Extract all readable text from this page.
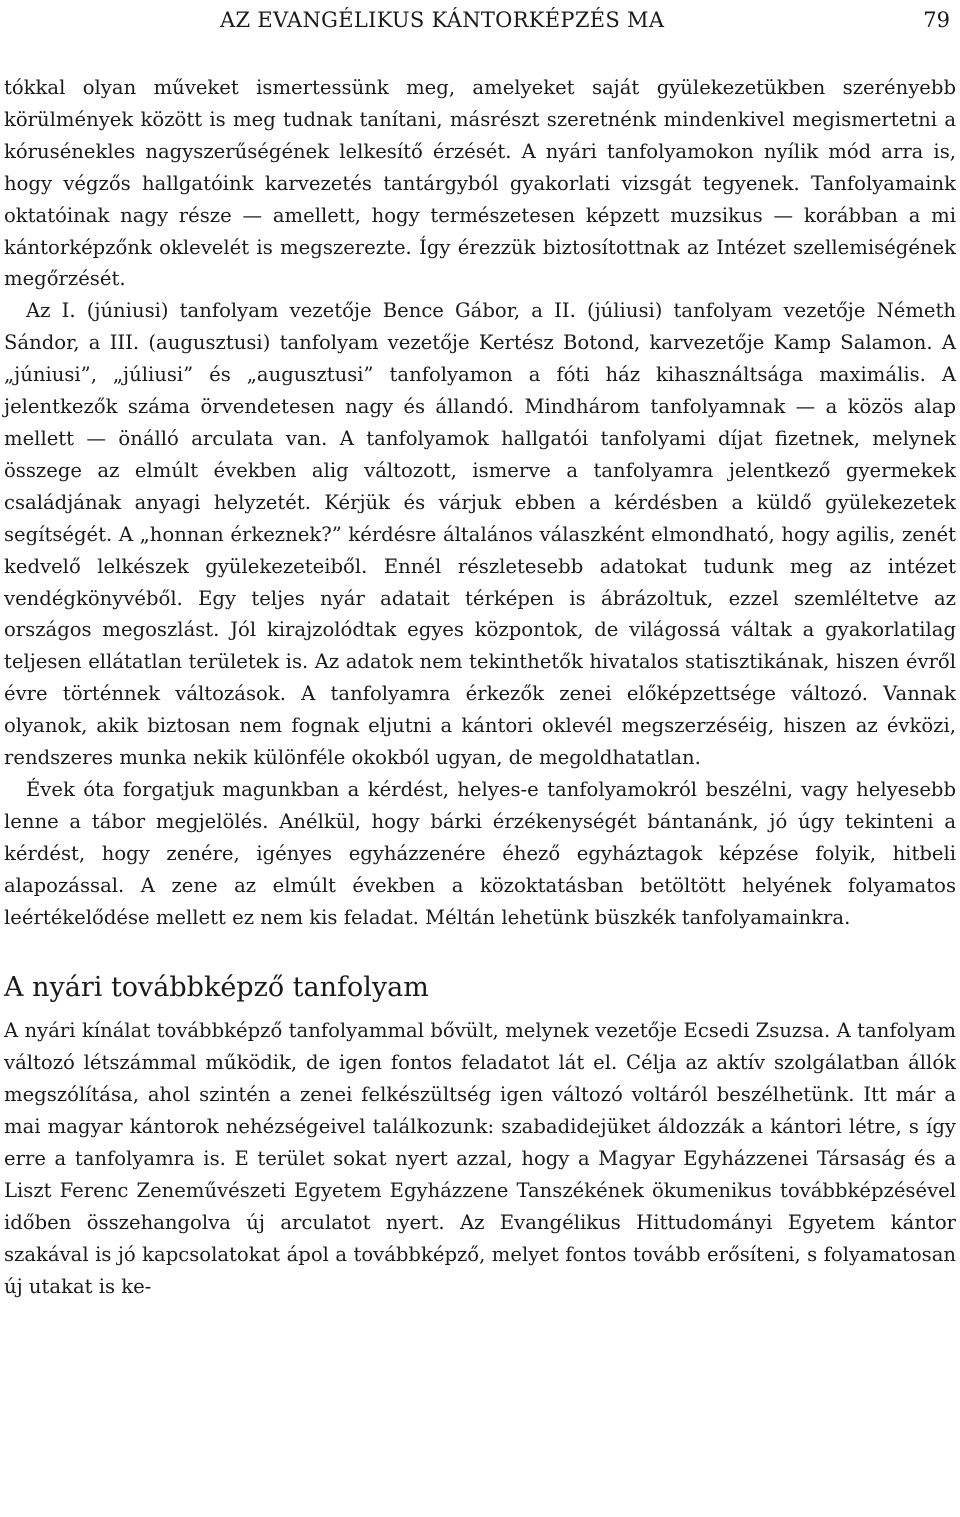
AZ EVANGÉLIKUS KÁNTORKÉPZÉS MA	79

tókkal olyan műveket ismertessünk meg, amelyeket saját gyülekezetükben szerényebb körülmények között is meg tudnak tanítani, másrészt szeretnénk mindenkivel megismertetni a kórusénekles nagyszerűségének lelkesítő érzését. A nyári tanfolyamokon nyílik mód arra is, hogy végzős hallgatóink karvezetés tantárgyból gyakorlati vizsgát tegyenek. Tanfolyamaink oktatóinak nagy része — amellett, hogy természetesen képzett muzsikus — korábban a mi kántorképzőnk oklevelét is megszerezte. Így érezzük biztosítottnak az Intézet szellemiségének megőrzését.

Az I. (júniusi) tanfolyam vezetője Bence Gábor, a II. (júliusi) tanfolyam vezetője Németh Sándor, a III. (augusztusi) tanfolyam vezetője Kertész Botond, karvezetője Kamp Salamon. A „júniusi”, „júliusi” és „augusztusi” tanfolyamon a fóti ház kihasználtsága maximális. A jelentkezők száma örvendetesen nagy és állandó. Mindhárom tanfolyamnak — a közös alap mellett — önálló arculata van. A tanfolyamok hallgatói tanfolyami díjat fizetnek, melynek összege az elmúlt években alig változott, ismerve a tanfolyamra jelentkező gyermekek családjának anyagi helyzetét. Kérjük és várjuk ebben a kérdésben a küldő gyülekezetek segítségét. A „honnan érkeznek?” kérdésre általános válaszként elmondható, hogy agilis, zenét kedvelő lelkészek gyülekezeteiből. Ennél részletesebb adatokat tudunk meg az intézet vendégkönyvéből. Egy teljes nyár adatait térképen is ábrázoltuk, ezzel szemléltetve az országos megoszlást. Jól kirajzolódtak egyes központok, de világossá váltak a gyakorlatilag teljesen ellátatlan területek is. Az adatok nem tekinthetők hivatalos statisztikának, hiszen évről évre történnek változások. A tanfolyamra érkezők zenei előképzettsége változó. Vannak olyanok, akik biztosan nem fognak eljutni a kántori oklevél megszerzéséig, hiszen az évközi, rendszeres munka nekik különféle okokból ugyan, de megoldhatatlan.

Évek óta forgatjuk magunkban a kérdést, helyes-e tanfolyamokról beszélni, vagy helyesebb lenne a tábor megjelölés. Anélkül, hogy bárki érzékenységét bántanánk, jó úgy tekinteni a kérdést, hogy zenére, igényes egyházzenére éhező egyháztagok képzése folyik, hitbeli alapozással. A zene az elmúlt években a közoktatásban betöltött helyének folyamatos leértékelődése mellett ez nem kis feladat. Méltán lehetünk büszkék tanfolyamainkra.

A nyári továbbképző tanfolyam

A nyári kínálat továbbképző tanfolyammal bővült, melynek vezetője Ecsedi Zsuzsa. A tanfolyam változó létszámmal működik, de igen fontos feladatot lát el. Célja az aktív szolgálatban állók megszólítása, ahol szintén a zenei felkészültség igen változó voltáról beszélhetünk. Itt már a mai magyar kántorok nehézségeivel találkozunk: szabadidejüket áldozzák a kántori létre, s így erre a tanfolyamra is. E terület sokat nyert azzal, hogy a Magyar Egyházzenei Társaság és a Liszt Ferenc Zeneművészeti Egyetem Egyházzene Tanszékének ökumenikus továbbképzésével időben összehangolva új arculatot nyert. Az Evangélikus Hittudományi Egyetem kántor szakával is jó kapcsolatokat ápol a továbbképző, melyet fontos tovább erősíteni, s folyamatosan új utakat is ke-
